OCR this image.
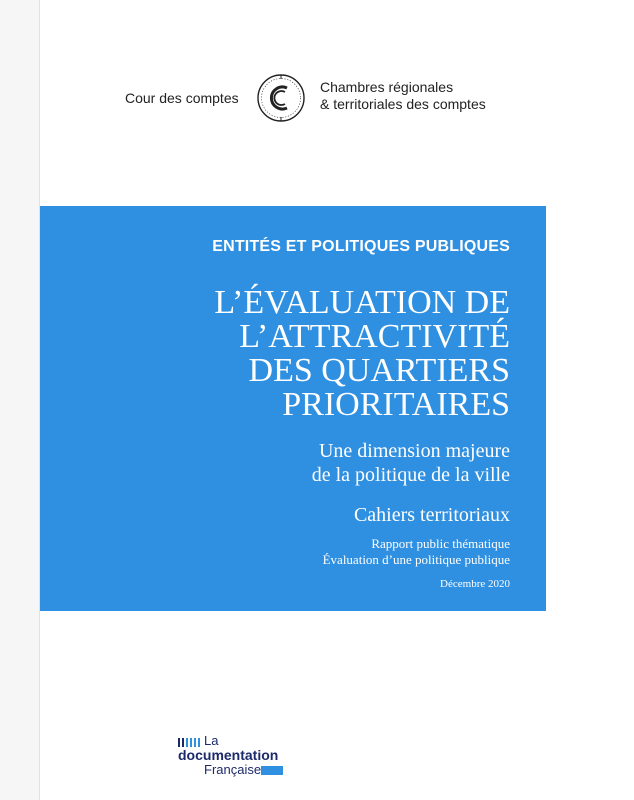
Cour des comptes
Chambres régionales
& territoriales des comptes
ENTITÉS ET POLITIQUES PUBLIQUES
L’ÉVALUATION DE
L’ATTRACTIVITÉ
DES QUARTIERS
PRIORITAIRES
Une dimension majeure
de la politique de la ville
Cahiers territoriaux
Rapport public thématique
Évaluation d’une politique publique
Décembre 2020
La
documentation
Française
